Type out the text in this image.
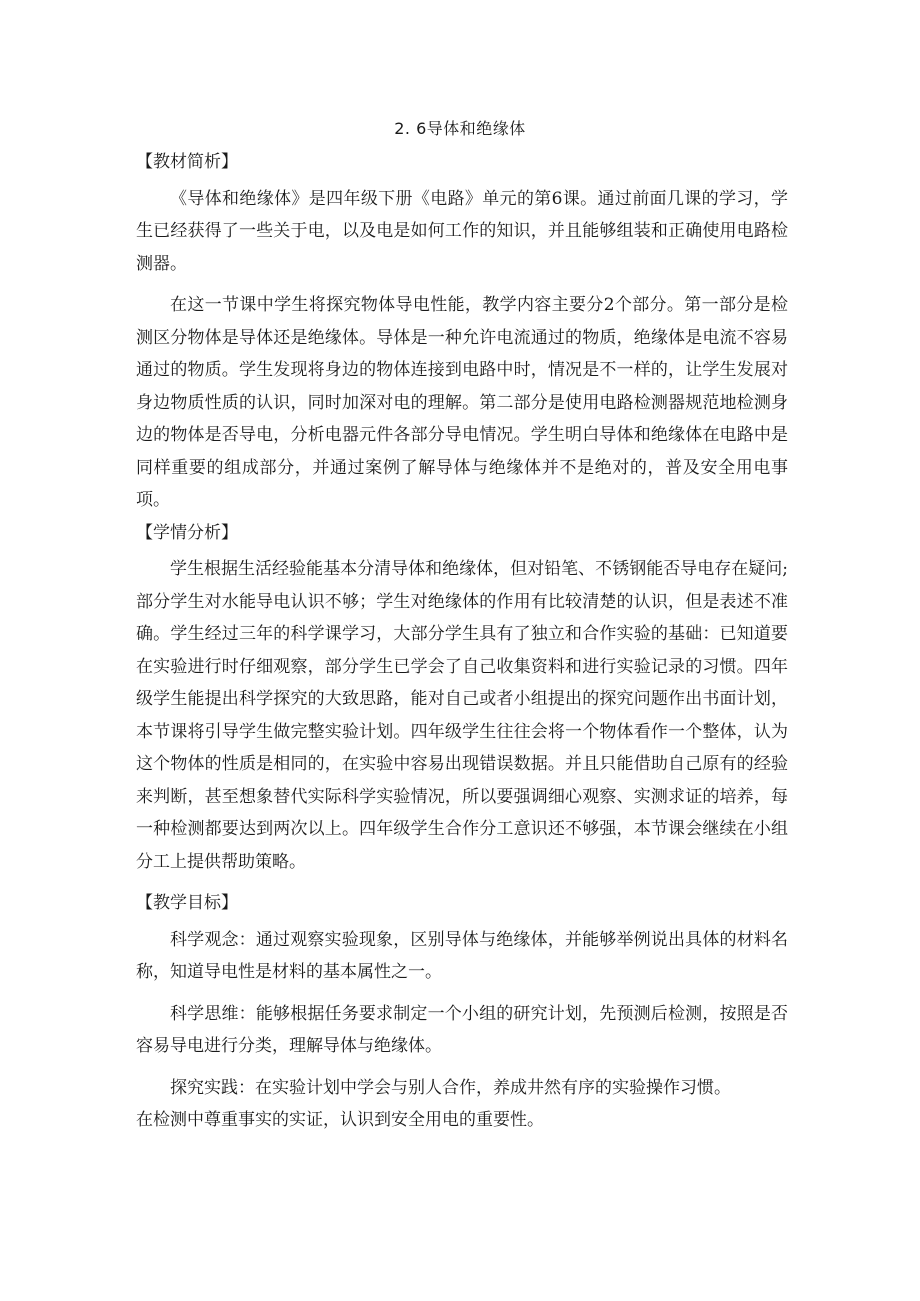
2. 6导体和绝缘体

【教材简析】

《导体和绝缘体》是四年级下册《电路》单元的第6课。通过前面几课的学习，学生已经获得了一些关于电，以及电是如何工作的知识，并且能够组装和正确使用电路检测器。

在这一节课中学生将探究物体导电性能，教学内容主要分2个部分。第一部分是检测区分物体是导体还是绝缘体。导体是一种允许电流通过的物质，绝缘体是电流不容易通过的物质。学生发现将身边的物体连接到电路中时，情况是不一样的，让学生发展对身边物质性质的认识，同时加深对电的理解。第二部分是使用电路检测器规范地检测身边的物体是否导电，分析电器元件各部分导电情况。学生明白导体和绝缘体在电路中是同样重要的组成部分，并通过案例了解导体与绝缘体并不是绝对的，普及安全用电事项。

【学情分析】

学生根据生活经验能基本分清导体和绝缘体，但对铅笔、不锈钢能否导电存在疑问;部分学生对水能导电认识不够；学生对绝缘体的作用有比较清楚的认识，但是表述不准确。学生经过三年的科学课学习，大部分学生具有了独立和合作实验的基础：已知道要在实验进行时仔细观察，部分学生已学会了自己收集资料和进行实验记录的习惯。四年级学生能提出科学探究的大致思路，能对自己或者小组提出的探究问题作出书面计划，本节课将引导学生做完整实验计划。四年级学生往往会将一个物体看作一个整体，认为这个物体的性质是相同的，在实验中容易出现错误数据。并且只能借助自己原有的经验来判断，甚至想象替代实际科学实验情况，所以要强调细心观察、实测求证的培养，每一种检测都要达到两次以上。四年级学生合作分工意识还不够强，本节课会继续在小组分工上提供帮助策略。

【教学目标】

科学观念：通过观察实验现象，区别导体与绝缘体，并能够举例说出具体的材料名称，知道导电性是材料的基本属性之一。

科学思维：能够根据任务要求制定一个小组的研究计划，先预测后检测，按照是否容易导电进行分类，理解导体与绝缘体。

探究实践：在实验计划中学会与别人合作，养成井然有序的实验操作习惯。

在检测中尊重事实的实证，认识到安全用电的重要性。
